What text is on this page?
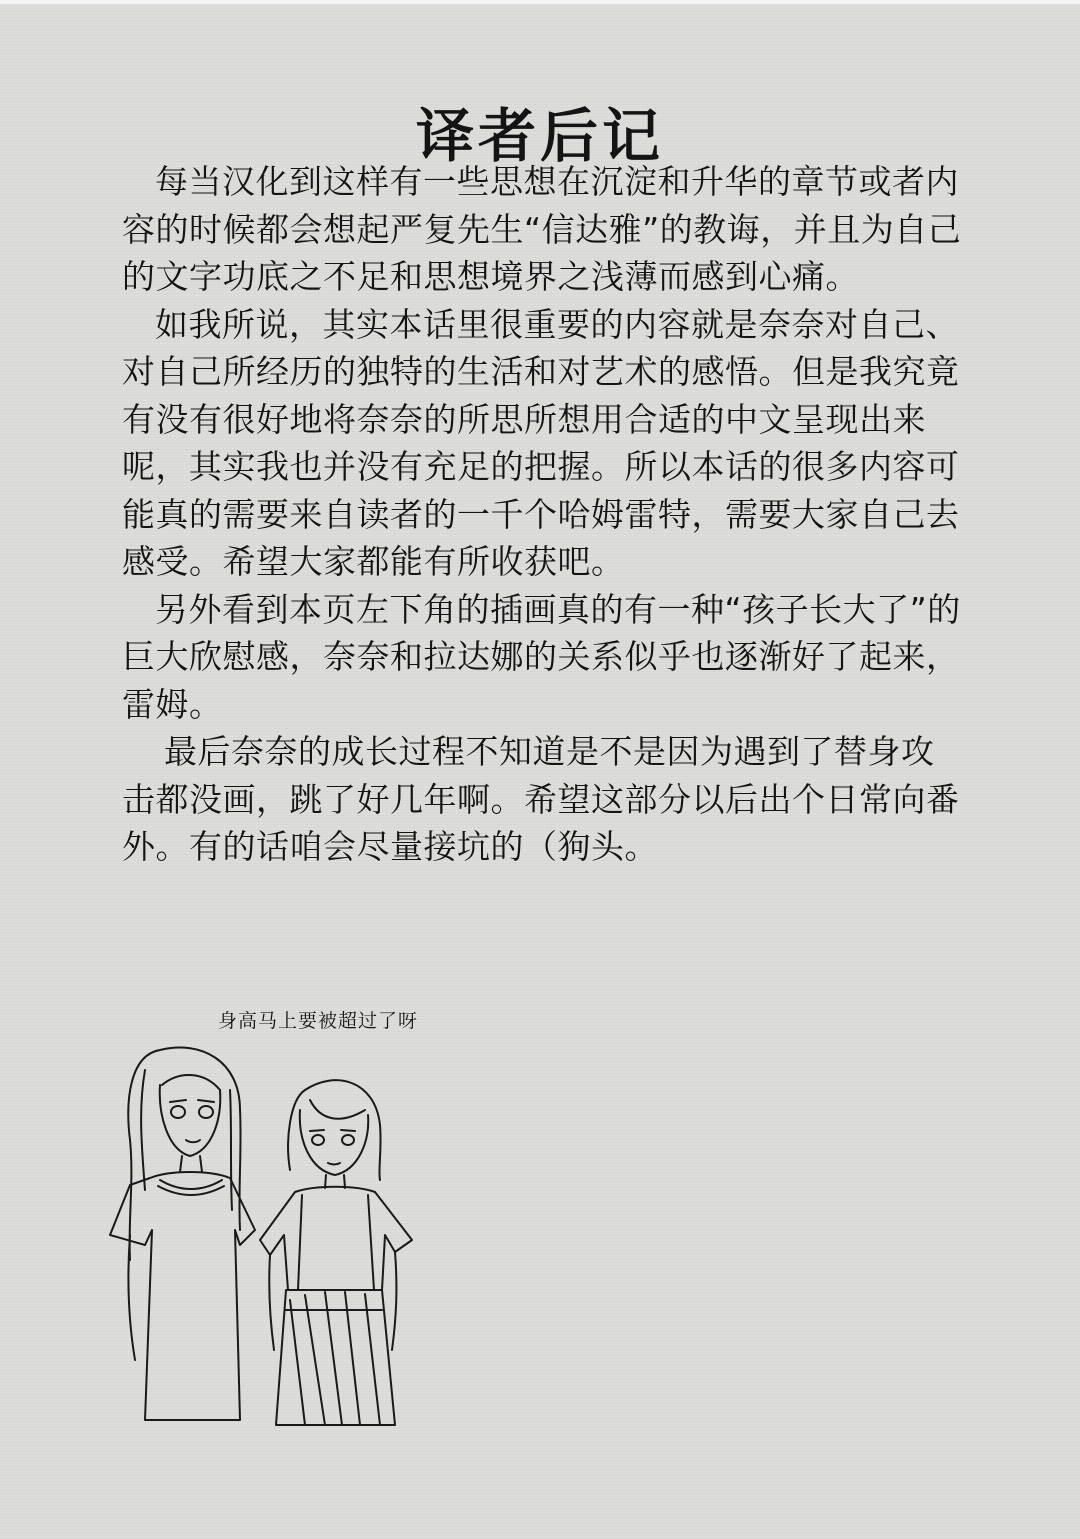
译者后记

每当汉化到这样有一些思想在沉淀和升华的章节或者内容的时候都会想起严复先生“信达雅”的教诲，并且为自己的文字功底之不足和思想境界之浅薄而感到心痛。

如我所说，其实本话里很重要的内容就是奈奈对自己、对自己所经历的独特的生活和对艺术的感悟。但是我究竟有没有很好地将奈奈的所思所想用合适的中文呈现出来呢，其实我也并没有充足的把握。所以本话的很多内容可能真的需要来自读者的一千个哈姆雷特，需要大家自己去感受。希望大家都能有所收获吧。

另外看到本页左下角的插画真的有一种“孩子长大了”的巨大欣慰感，奈奈和拉达娜的关系似乎也逐渐好了起来，雷姆。

最后奈奈的成长过程不知道是不是因为遇到了替身攻击都没画，跳了好几年啊。希望这部分以后出个日常向番外。有的话咱会尽量接坑的（狗头。

身高马上要被超过了呀
